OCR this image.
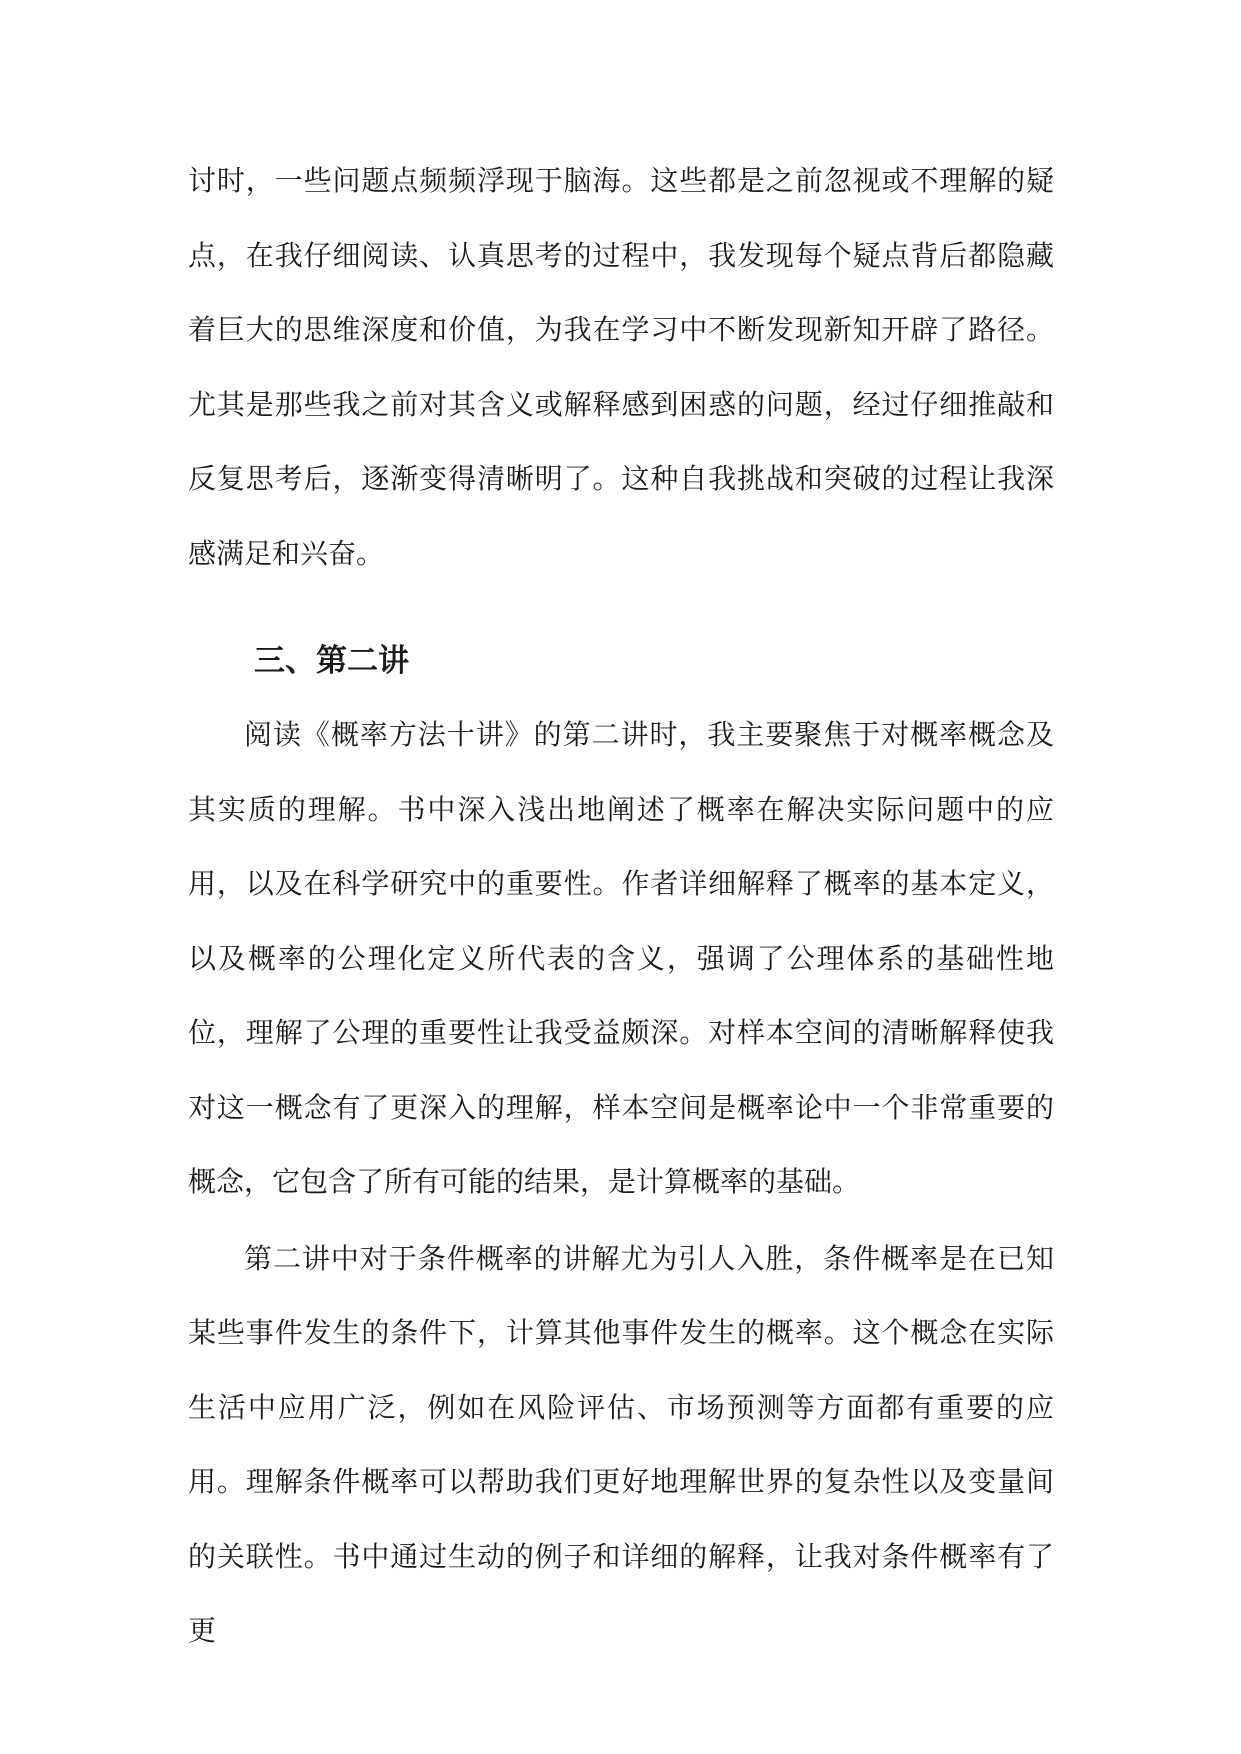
讨时，一些问题点频频浮现于脑海。这些都是之前忽视或不理解的疑点，在我仔细阅读、认真思考的过程中，我发现每个疑点背后都隐藏着巨大的思维深度和价值，为我在学习中不断发现新知开辟了路径。尤其是那些我之前对其含义或解释感到困惑的问题，经过仔细推敲和反复思考后，逐渐变得清晰明了。这种自我挑战和突破的过程让我深感满足和兴奋。

三、第二讲

阅读《概率方法十讲》的第二讲时，我主要聚焦于对概率概念及其实质的理解。书中深入浅出地阐述了概率在解决实际问题中的应用，以及在科学研究中的重要性。作者详细解释了概率的基本定义，以及概率的公理化定义所代表的含义，强调了公理体系的基础性地位，理解了公理的重要性让我受益颇深。对样本空间的清晰解释使我对这一概念有了更深入的理解，样本空间是概率论中一个非常重要的概念，它包含了所有可能的结果，是计算概率的基础。

第二讲中对于条件概率的讲解尤为引人入胜，条件概率是在已知某些事件发生的条件下，计算其他事件发生的概率。这个概念在实际生活中应用广泛，例如在风险评估、市场预测等方面都有重要的应用。理解条件概率可以帮助我们更好地理解世界的复杂性以及变量间的关联性。书中通过生动的例子和详细的解释，让我对条件概率有了更
